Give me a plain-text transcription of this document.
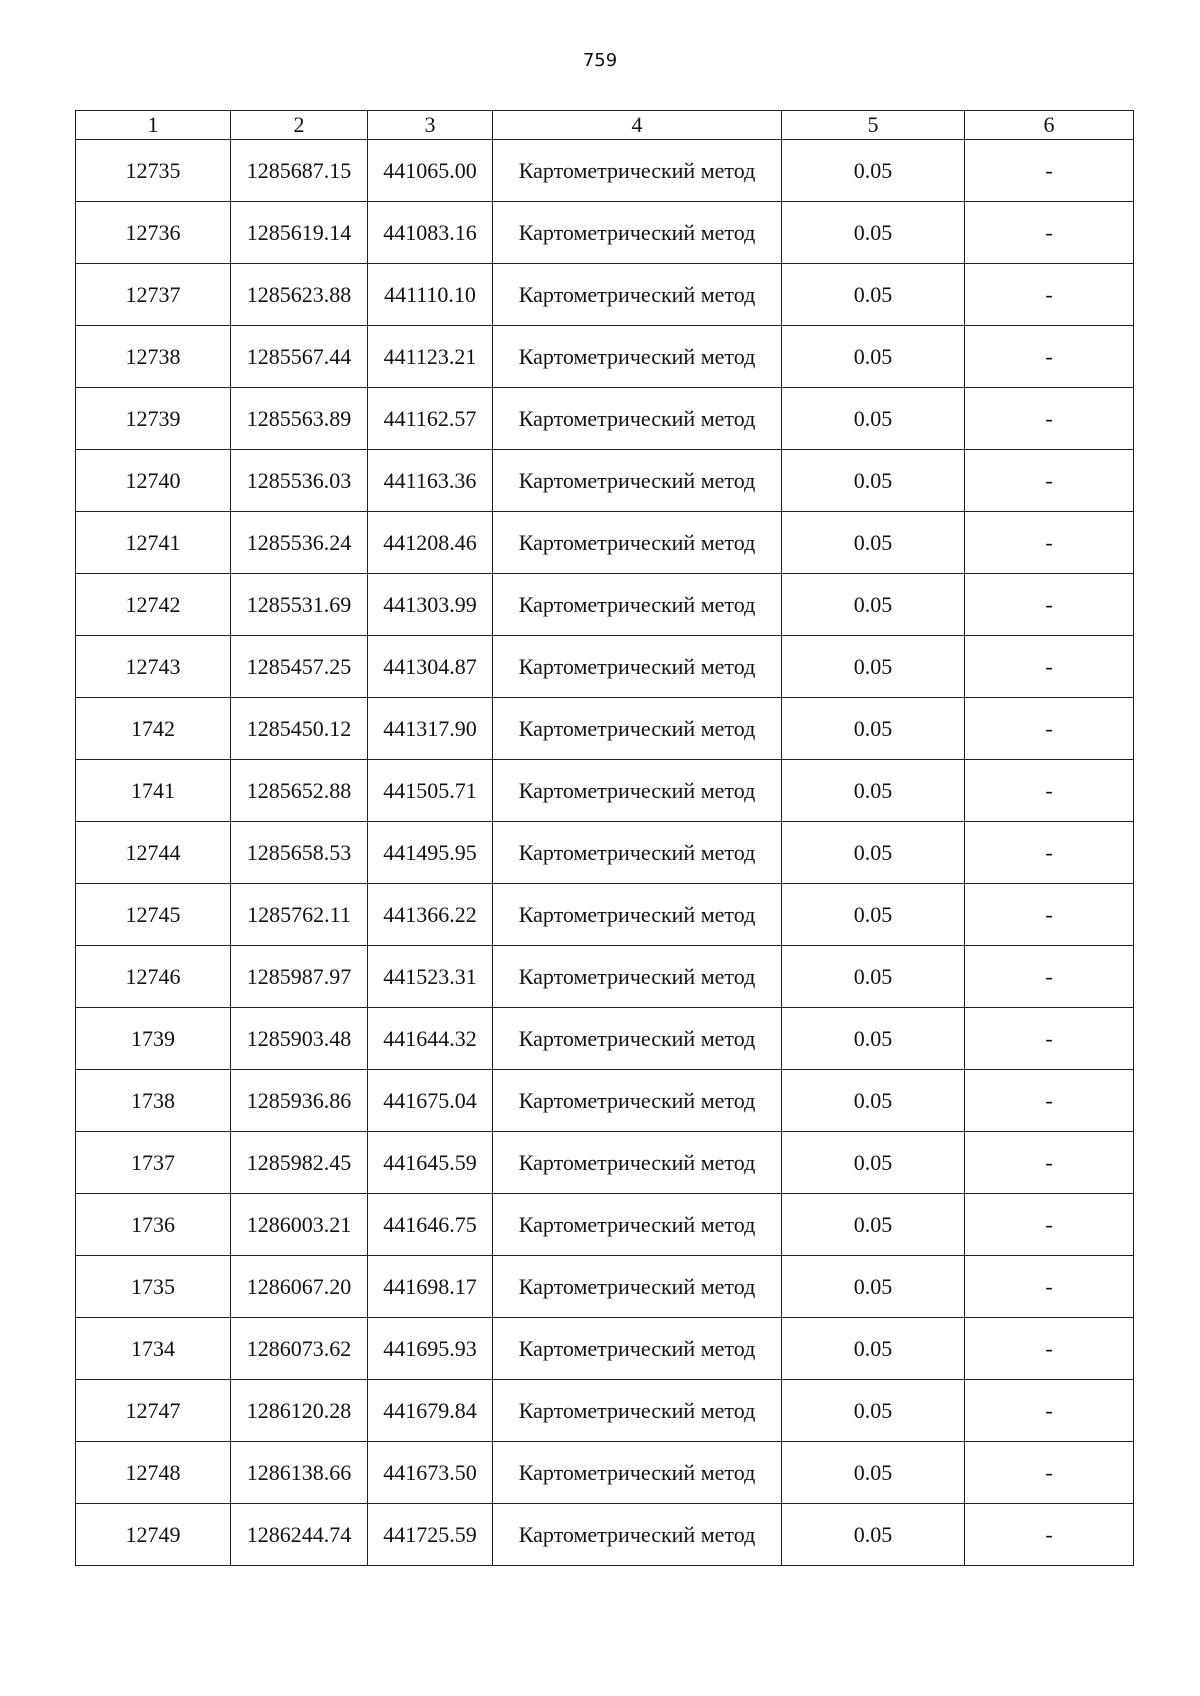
759
1	2	3	4	5	6
12735	1285687.15	441065.00	Картометрический метод	0.05	-
12736	1285619.14	441083.16	Картометрический метод	0.05	-
12737	1285623.88	441110.10	Картометрический метод	0.05	-
12738	1285567.44	441123.21	Картометрический метод	0.05	-
12739	1285563.89	441162.57	Картометрический метод	0.05	-
12740	1285536.03	441163.36	Картометрический метод	0.05	-
12741	1285536.24	441208.46	Картометрический метод	0.05	-
12742	1285531.69	441303.99	Картометрический метод	0.05	-
12743	1285457.25	441304.87	Картометрический метод	0.05	-
1742	1285450.12	441317.90	Картометрический метод	0.05	-
1741	1285652.88	441505.71	Картометрический метод	0.05	-
12744	1285658.53	441495.95	Картометрический метод	0.05	-
12745	1285762.11	441366.22	Картометрический метод	0.05	-
12746	1285987.97	441523.31	Картометрический метод	0.05	-
1739	1285903.48	441644.32	Картометрический метод	0.05	-
1738	1285936.86	441675.04	Картометрический метод	0.05	-
1737	1285982.45	441645.59	Картометрический метод	0.05	-
1736	1286003.21	441646.75	Картометрический метод	0.05	-
1735	1286067.20	441698.17	Картометрический метод	0.05	-
1734	1286073.62	441695.93	Картометрический метод	0.05	-
12747	1286120.28	441679.84	Картометрический метод	0.05	-
12748	1286138.66	441673.50	Картометрический метод	0.05	-
12749	1286244.74	441725.59	Картометрический метод	0.05	-
